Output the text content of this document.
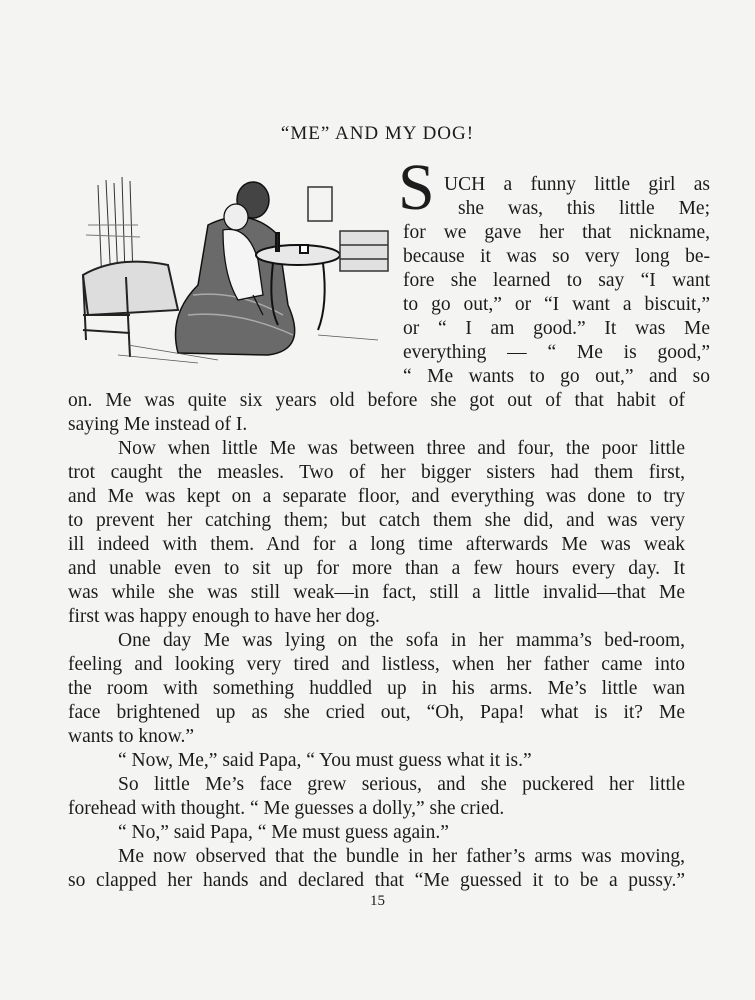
“ME” AND MY DOG!
S UCH a funny little girl as
she was, this little Me;
for we gave her that nickname,
because it was so very long be-
fore she learned to say “I want
to go out,” or “I want a biscuit,”
or “ I am good.” It was Me
everything — “ Me is good,”
“ Me wants to go out,” and so
on. Me was quite six years old before she got out of that habit of
saying Me instead of I.
Now when little Me was between three and four, the poor little
trot caught the measles. Two of her bigger sisters had them first,
and Me was kept on a separate floor, and everything was done to try
to prevent her catching them; but catch them she did, and was very
ill indeed with them. And for a long time afterwards Me was weak
and unable even to sit up for more than a few hours every day. It
was while she was still weak—in fact, still a little invalid—that Me
first was happy enough to have her dog.
One day Me was lying on the sofa in her mamma’s bed-room,
feeling and looking very tired and listless, when her father came into
the room with something huddled up in his arms. Me’s little wan
face brightened up as she cried out, “Oh, Papa! what is it? Me
wants to know.”
“ Now, Me,” said Papa, “ You must guess what it is.”
So little Me’s face grew serious, and she puckered her little
forehead with thought. “ Me guesses a dolly,” she cried.
“ No,” said Papa, “ Me must guess again.”
Me now observed that the bundle in her father’s arms was moving,
so clapped her hands and declared that “Me guessed it to be a pussy.”
15
